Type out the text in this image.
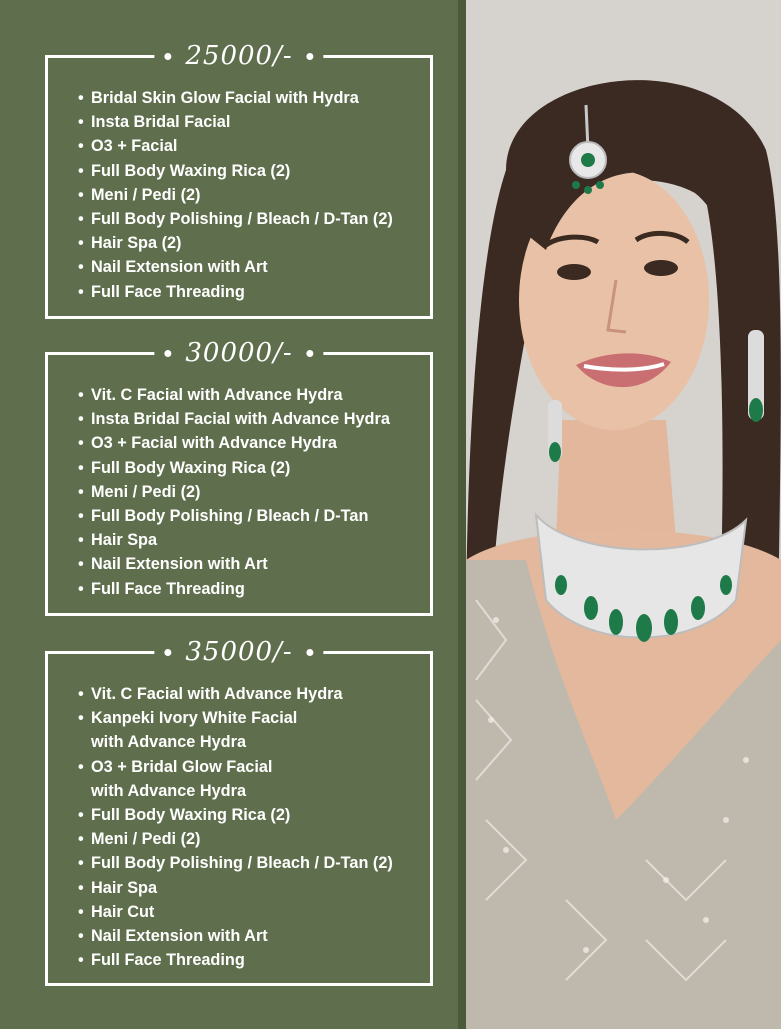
25000/-
• Bridal Skin Glow Facial with Hydra
• Insta Bridal Facial
• O3 + Facial
• Full Body Waxing Rica (2)
• Meni / Pedi (2)
• Full Body Polishing / Bleach / D-Tan (2)
• Hair Spa (2)
• Nail Extension with Art
• Full Face Threading
30000/-
• Vit. C Facial with Advance Hydra
• Insta Bridal Facial with Advance Hydra
• O3 + Facial with Advance Hydra
• Full Body Waxing Rica (2)
• Meni / Pedi (2)
• Full Body Polishing / Bleach / D-Tan
• Hair Spa
• Nail Extension with Art
• Full Face Threading
35000/-
• Vit. C Facial with Advance Hydra
• Kanpeki Ivory White Facial
with Advance Hydra
• O3 + Bridal Glow Facial
with Advance Hydra
• Full Body Waxing Rica (2)
• Meni / Pedi (2)
• Full Body Polishing / Bleach / D-Tan (2)
• Hair Spa
• Hair Cut
• Nail Extension with Art
• Full Face Threading
